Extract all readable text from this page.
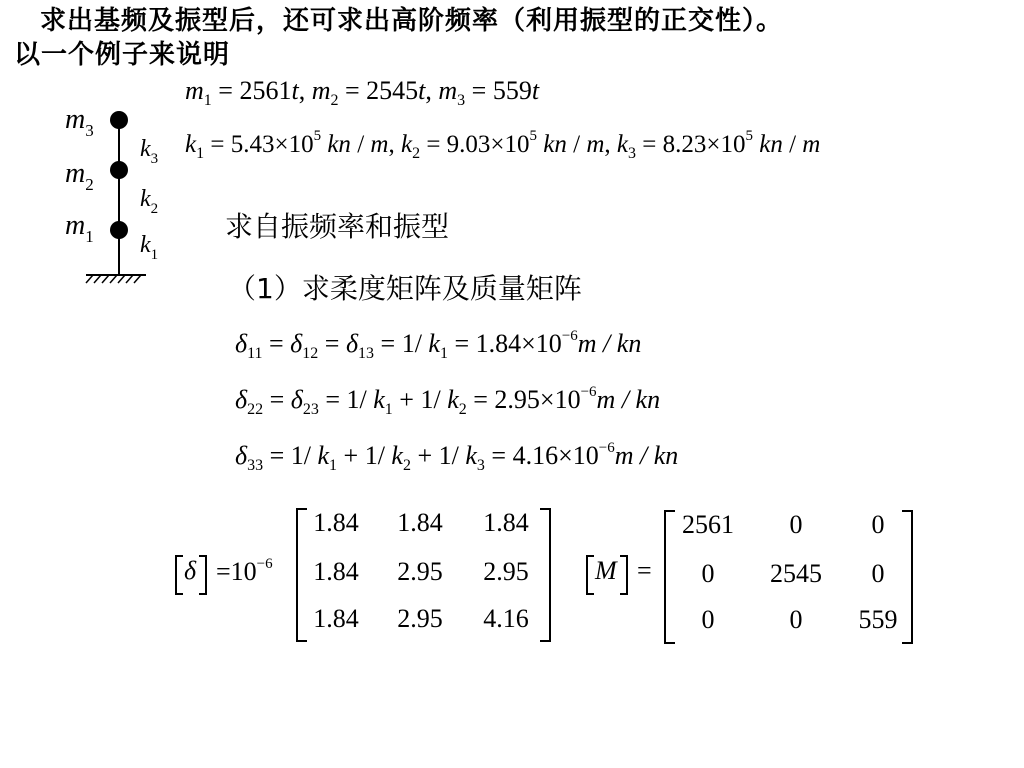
求出基频及振型后，还可求出高阶频率（利用振型的正交性）。
以一个例子来说明
$m_3$
$m_2$
$m_1$
$k_3$
$k_2$
$k_1$
$m_1 = 2561t$, $m_2 = 2545t$, $m_3 = 559t$
$k_1 = 5.43\times 10^5$ kn / m, $k_2 = 9.03\times 10^5$ kn / m, $k_3 = 8.23\times 10^5$ kn / m
求自振频率和振型
（1）求柔度矩阵及质量矩阵
$\delta_{11} = \delta_{12} = \delta_{13} = 1/$ $k_1 = 1.84\times 10^{-6}m$ / kn
$\delta_{22} = \delta_{23} = 1/$ $k_1 + 1/$ $k_2 = 2.95\times 10^{-6}m$ / kn
$\delta_{33} = 1/$ $k_1 + 1/$ $k_2 + 1/$ $k_3 = 4.16\times 10^{-6}m$ / kn
$\delta =10^{-6}$
1.84	1.84	1.84
1.84	2.95	2.95
1.84	2.95	4.16
M =
2561	0	0
0	2545	0
0	0	559
